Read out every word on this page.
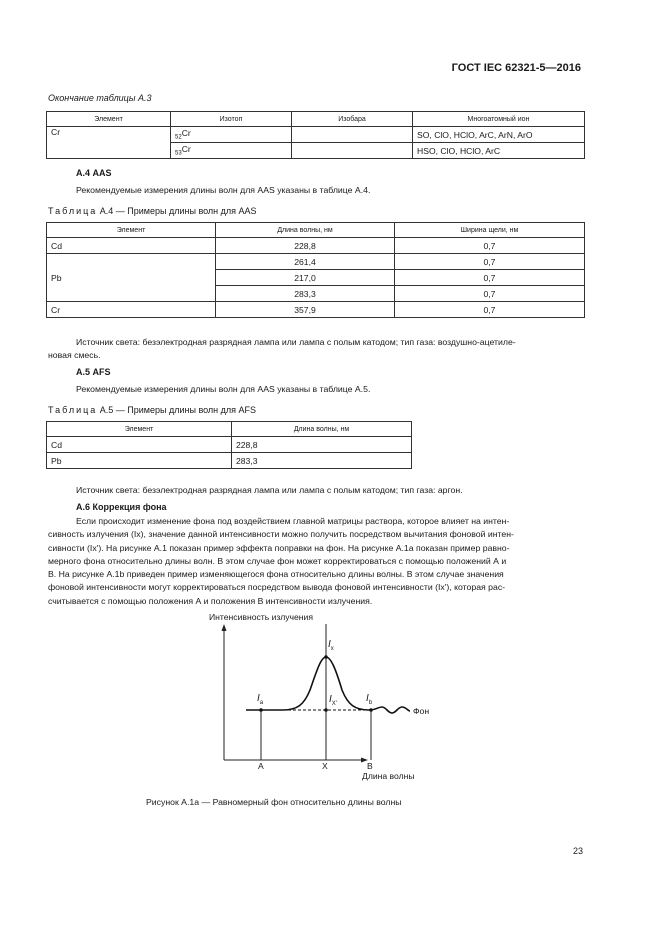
ГОСТ IEC 62321-5—2016
Окончание таблицы А.3
Элемент	Изотоп	Изобара	Многоатомный ион
Cr	$_{52}$Cr		SO, ClO, HClO, ArC, ArN, ArO
	$_{53}$Cr		HSO, ClO, HClO, ArC
А.4 AAS
Рекомендуемые измерения длины волн для AAS указаны в таблице А.4.
Таблица А.4 — Примеры длины волн для AAS
Элемент	Длина волны, нм	Ширина щели, нм
Cd	228,8	0,7
Pb	261,4	0,7
	217,0	0,7
	283,3	0,7
Cr	357,9	0,7
Источник света: безэлектродная разрядная лампа или лампа с полым катодом; тип газа: воздушно-ацетиле-
новая смесь.
А.5 AFS
Рекомендуемые измерения длины волн для AAS указаны в таблице А.5.
Таблица А.5 — Примеры длины волн для AFS
Элемент	Длина волны, нм
Cd	228,8
Pb	283,3
Источник света: безэлектродная разрядная лампа или лампа с полым катодом; тип газа: аргон.
А.6 Коррекция фона
Если происходит изменение фона под воздействием главной матрицы раствора, которое влияет на интен-
сивность излучения (Ix), значение данной интенсивности можно получить посредством вычитания фоновой интен-
сивности (Ix'). На рисунке А.1 показан пример эффекта поправки на фон. На рисунке А.1а показан пример равно-
мерного фона относительно длины волн. В этом случае фон может корректироваться с помощью положений А и
В. На рисунке А.1b приведен пример изменяющегося фона относительно длины волны. В этом случае значения
фоновой интенсивности могут корректироваться посредством вывода фоновой интенсивности (Ix'), которая рас-
считывается с помощью положения А и положения В интенсивности излучения.
Интенсивность излучения
$I_x$
$I_a$	$I_{X'}$	$I_b$
Фон
A	X	B
Длина волны
Рисунок А.1а — Равномерный фон относительно длины волны
23
